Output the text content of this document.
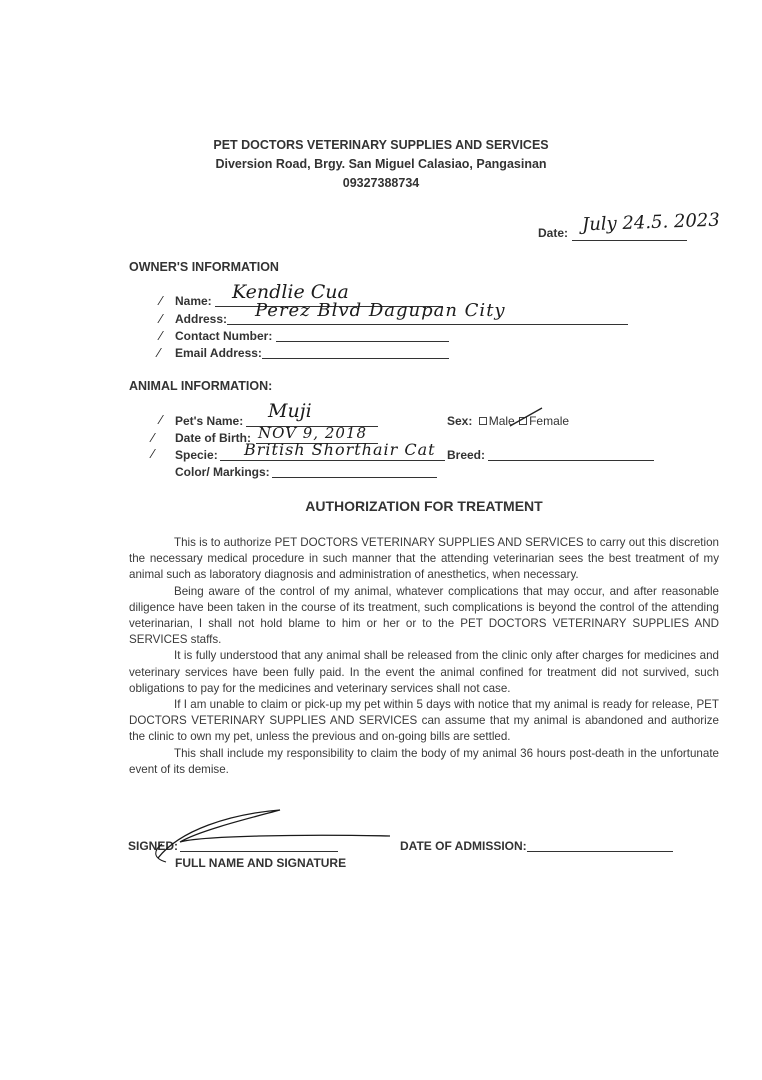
PET DOCTORS VETERINARY SUPPLIES AND SERVICES
Diversion Road, Brgy. San Miguel Calasiao, Pangasinan
09327388734
Date: July 24.5. 2023
OWNER'S INFORMATION
∕ Name: Kendlie Cua
∕ Address: Perez Blvd Dagupan City
∕ Contact Number:
∕ Email Address:
ANIMAL INFORMATION:
∕ Pet's Name: Muji	Sex: Male Female
∕ Date of Birth: NOV 9, 2018
∕ Specie: British Shorthair Cat Breed:
Color/ Markings:
AUTHORIZATION FOR TREATMENT

This is to authorize PET DOCTORS VETERINARY SUPPLIES AND SERVICES to carry out this discretion the necessary medical procedure in such manner that the attending veterinarian sees the best treatment of my animal such as laboratory diagnosis and administration of anesthetics, when necessary.

Being aware of the control of my animal, whatever complications that may occur, and after reasonable diligence have been taken in the course of its treatment, such complications is beyond the control of the attending veterinarian, I shall not hold blame to him or her or to the PET DOCTORS VETERINARY SUPPLIES AND SERVICES staffs.

It is fully understood that any animal shall be released from the clinic only after charges for medicines and veterinary services have been fully paid. In the event the animal confined for treatment did not survived, such obligations to pay for the medicines and veterinary services shall not case.

If I am unable to claim or pick-up my pet within 5 days with notice that my animal is ready for release, PET DOCTORS VETERINARY SUPPLIES AND SERVICES can assume that my animal is abandoned and authorize the clinic to own my pet, unless the previous and on-going bills are settled.

This shall include my responsibility to claim the body of my animal 36 hours post-death in the unfortunate event of its demise.

SIGNED:
FULL NAME AND SIGNATURE
DATE OF ADMISSION:
